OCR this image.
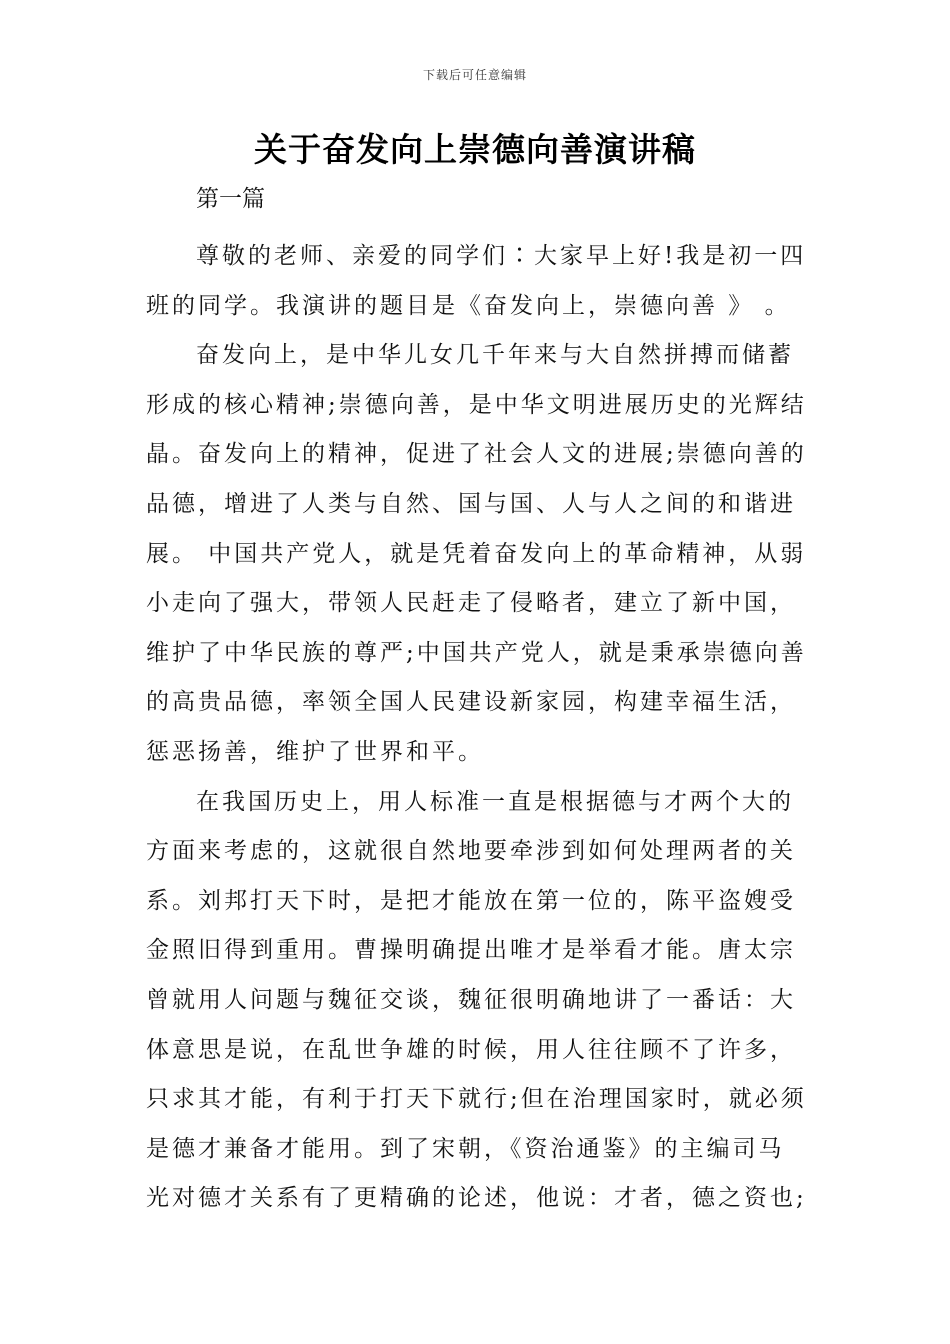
下载后可任意编辑
关于奋发向上崇德向善演讲稿
第一篇
尊敬的老师、亲爱的同学们∶大家早上好!我是初一四
班的同学。我演讲的题目是《奋发向上，崇德向善 》 。
奋发向上，是中华儿女几千年来与大自然拼搏而储蓄
形成的核心精神;崇德向善，是中华文明进展历史的光辉结
晶。奋发向上的精神，促进了社会人文的进展;崇德向善的
品德，增进了人类与自然、国与国、人与人之间的和谐进
展。 中国共产党人，就是凭着奋发向上的革命精神，从弱
小走向了强大，带领人民赶走了侵略者，建立了新中国，
维护了中华民族的尊严;中国共产党人，就是秉承崇德向善
的高贵品德，率领全国人民建设新家园，构建幸福生活，
惩恶扬善，维护了世界和平。
在我国历史上，用人标准一直是根据德与才两个大的
方面来考虑的，这就很自然地要牵涉到如何处理两者的关
系。刘邦打天下时，是把才能放在第一位的，陈平盗嫂受
金照旧得到重用。曹操明确提出唯才是举看才能。唐太宗
曾就用人问题与魏征交谈，魏征很明确地讲了一番话：大
体意思是说，在乱世争雄的时候，用人往往顾不了许多，
只求其才能，有利于打天下就行;但在治理国家时，就必须
是德才兼备才能用。到了宋朝，《资治通鉴》的主编司马
光对德才关系有了更精确的论述，他说：才者，德之资也;
